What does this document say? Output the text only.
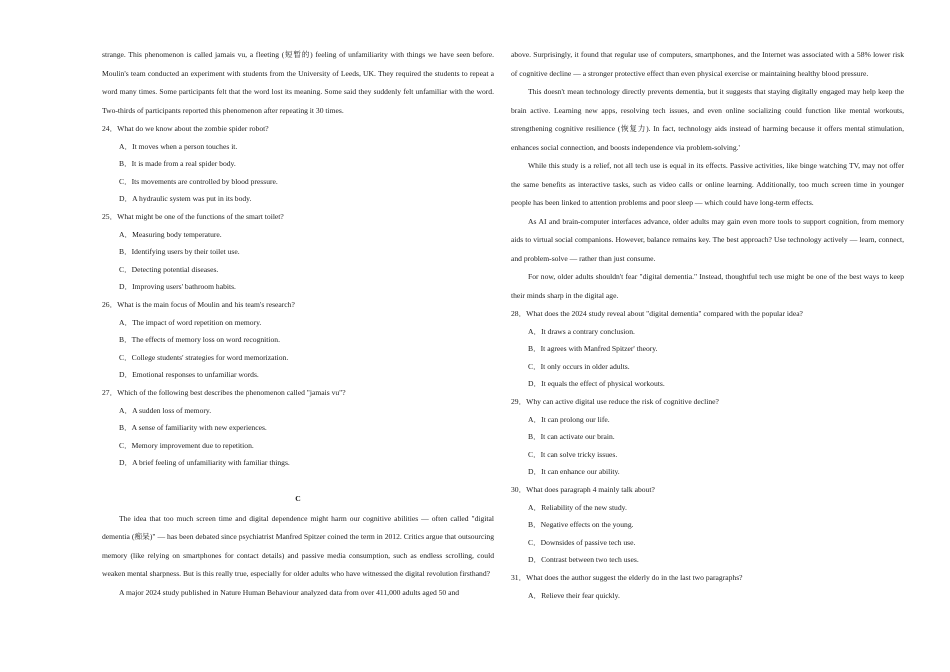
strange. This phenomenon is called jamais vu, a fleeting (短暂的) feeling of unfamiliarity with things we have seen before. Moulin's team conducted an experiment with students from the University of Leeds, UK. They required the students to repeat a word many times. Some participants felt that the word lost its meaning. Some said they suddenly felt unfamiliar with the word. Two-thirds of participants reported this phenomenon after repeating it 30 times.

24．What do we know about the zombie spider robot?

A．It moves when a person touches it.

B．It is made from a real spider body.

C．Its movements are controlled by blood pressure.

D．A hydraulic system was put in its body.

25．What might be one of the functions of the smart toilet?

A．Measuring body temperature.

B．Identifying users by their toilet use.

C．Detecting potential diseases.

D．Improving users' bathroom habits.

26．What is the main focus of Moulin and his team's research?

A．The impact of word repetition on memory.

B．The effects of memory loss on word recognition.

C．College students' strategies for word memorization.

D．Emotional responses to unfamiliar words.

27．Which of the following best describes the phenomenon called "jamais vu"?

A．A sudden loss of memory.

B．A sense of familiarity with new experiences.

C．Memory improvement due to repetition.

D．A brief feeling of unfamiliarity with familiar things.

C

The idea that too much screen time and digital dependence might harm our cognitive abilities — often called "digital dementia (痴呆)" — has been debated since psychiatrist Manfred Spitzer coined the term in 2012. Critics argue that outsourcing memory (like relying on smartphones for contact details) and passive media consumption, such as endless scrolling, could weaken mental sharpness. But is this really true, especially for older adults who have witnessed the digital revolution firsthand?

A major 2024 study published in Nature Human Behaviour analyzed data from over 411,000 adults aged 50 and

above. Surprisingly, it found that regular use of computers, smartphones, and the Internet was associated with a 58% lower risk of cognitive decline — a stronger protective effect than even physical exercise or maintaining healthy blood pressure.

This doesn't mean technology directly prevents dementia, but it suggests that staying digitally engaged may help keep the brain active. Learning new apps, resolving tech issues, and even online socializing could function like mental workouts, strengthening cognitive resilience (恢复力). In fact, technology aids instead of harming because it offers mental stimulation, enhances social connection, and boosts independence via problem-solving.'

While this study is a relief, not all tech use is equal in its effects. Passive activities, like binge watching TV, may not offer the same benefits as interactive tasks, such as video calls or online learning. Additionally, too much screen time in younger people has been linked to attention problems and poor sleep — which could have long-term effects.

As AI and brain-computer interfaces advance, older adults may gain even more tools to support cognition, from memory aids to virtual social companions. However, balance remains key. The best approach? Use technology actively — learn, connect, and problem-solve — rather than just consume.

For now, older adults shouldn't fear "digital dementia." Instead, thoughtful tech use might be one of the best ways to keep their minds sharp in the digital age.

28．What does the 2024 study reveal about "digital dementia" compared with the popular idea?

A．It draws a contrary conclusion.

B．It agrees with Manfred Spitzer' theory.

C．It only occurs in older adults.

D．It equals the effect of physical workouts.

29．Why can active digital use reduce the risk of cognitive decline?

A．It can prolong our life.

B．It can activate our brain.

C．It can solve tricky issues.

D．It can enhance our ability.

30．What does paragraph 4 mainly talk about?

A．Reliability of the new study.

B．Negative effects on the young.

C．Downsides of passive tech use.

D．Contrast between two tech uses.

31．What does the author suggest the elderly do in the last two paragraphs?

A．Relieve their fear quickly.
